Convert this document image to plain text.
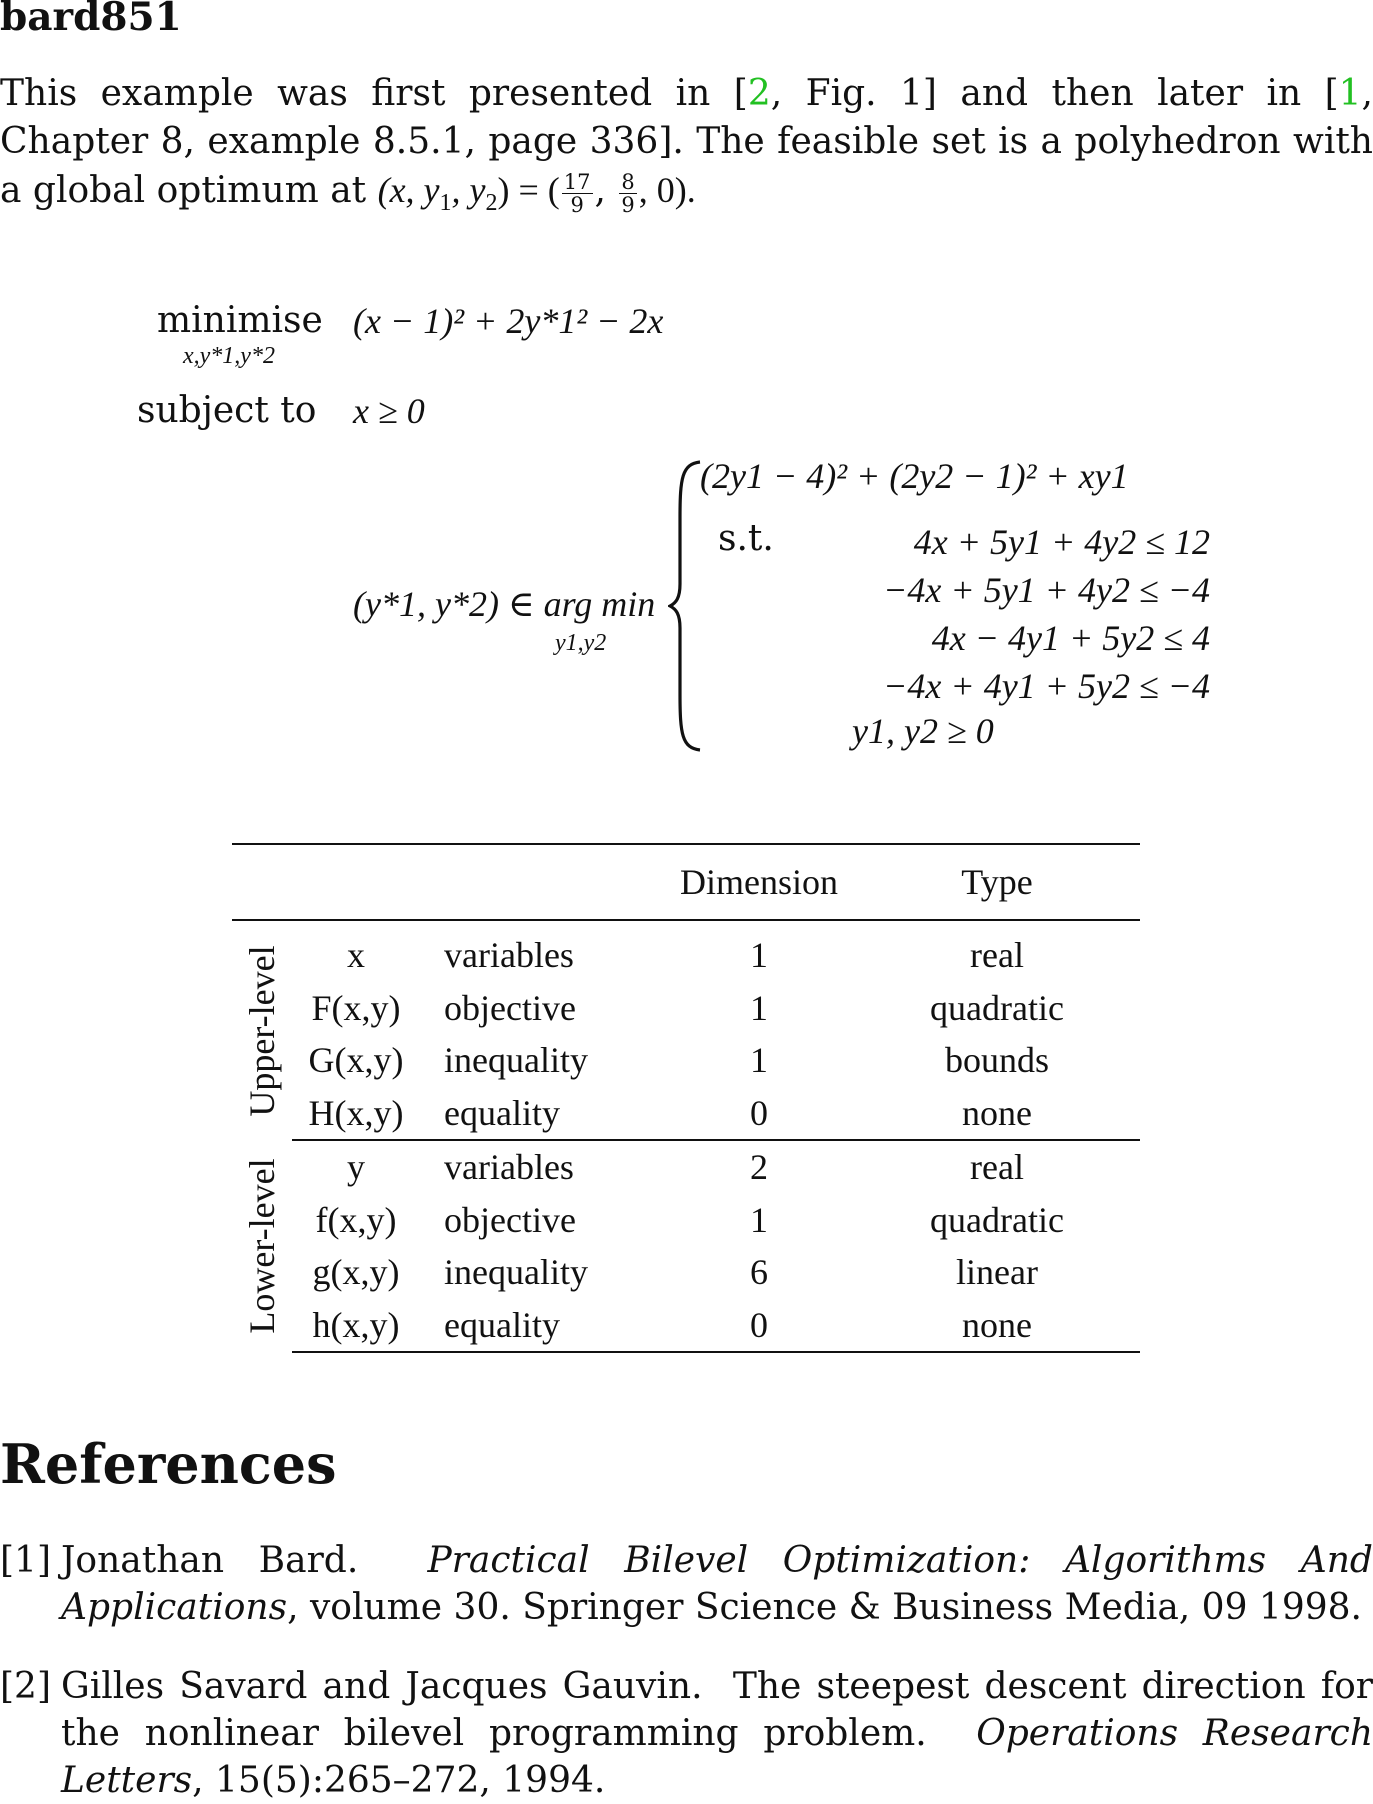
bard851
This example was first presented in [2, Fig. 1] and then later in [1, Chapter 8, example 8.5.1, page 336]. The feasible set is a polyhedron with a global optimum at (x, $y_1$, $y_2$) = ( $\frac{17}{9}$ , $\frac{8}{9}$ , 0).
minimise
x,y*1,y*2
(x − 1)² + 2y*1² − 2x
subject to x ≥ 0
(y*1, y*2) ∈ arg min
y1,y2
(2y1 − 4)² + (2y2 − 1)² + xy1
s.t.	4x + 5y1 + 4y2 ≤ 12
−4x + 5y1 + 4y2 ≤ −4
4x − 4y1 + 5y2 ≤ 4
−4x + 4y1 + 5y2 ≤ −4
y1, y2 ≥ 0
			Dimension	Type

Upper-level	x	variables	1	real
	F(x,y)	objective	1	quadratic
	G(x,y)	inequality	1	bounds
	H(x,y)	equality	0	none

Lower-level	y	variables	2	real
	f(x,y)	objective	1	quadratic
	g(x,y)	inequality	6	linear
	h(x,y)	equality	0	none
References
[1] Jonathan Bard. Practical Bilevel Optimization: Algorithms And Applications, volume 30. Springer Science & Business Media, 09 1998.
[2] Gilles Savard and Jacques Gauvin. The steepest descent direction for the nonlinear bilevel programming problem. Operations Research Letters, 15(5):265–272, 1994.
